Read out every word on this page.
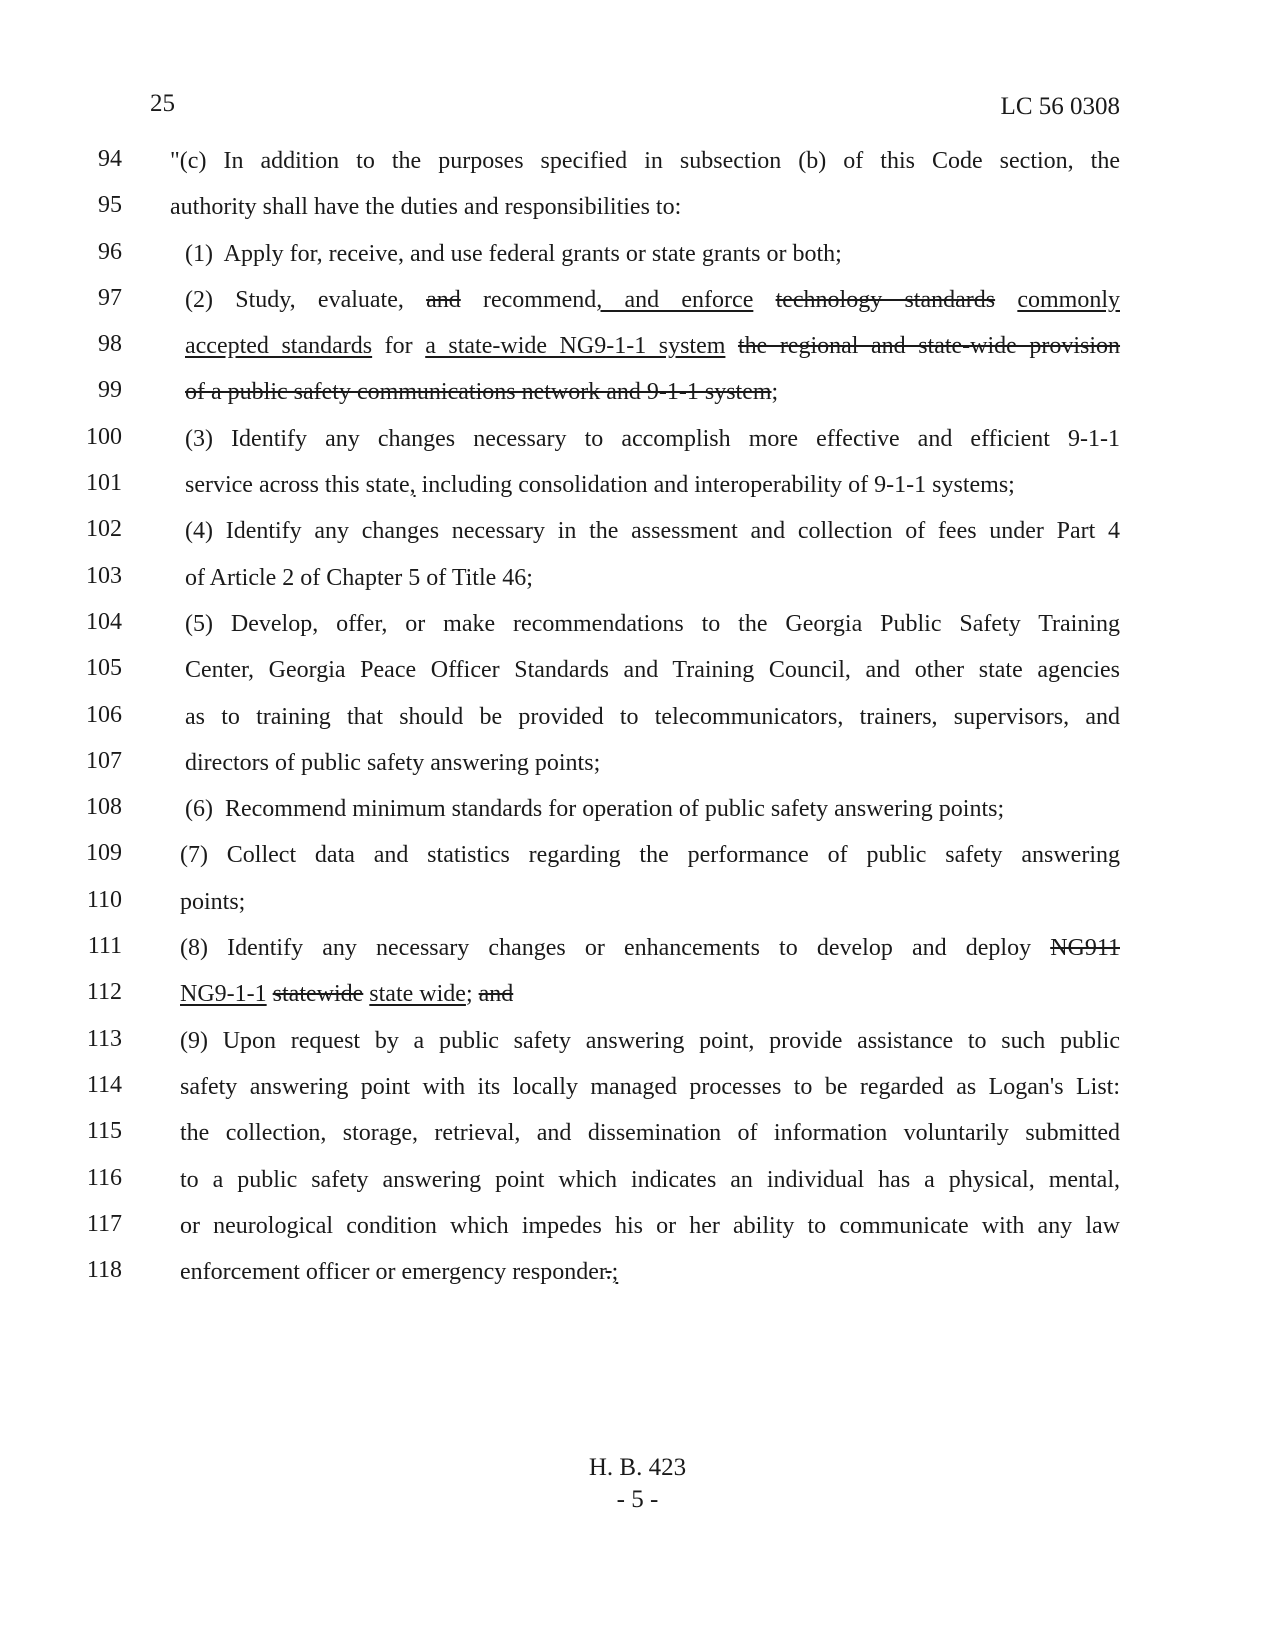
25	LC 56 0308
94 "(c) In addition to the purposes specified in subsection (b) of this Code section, the
95 authority shall have the duties and responsibilities to:
96	(1)  Apply for, receive, and use federal grants or state grants or both;
97	(2) Study, evaluate, and recommend, and enforce technology standards commonly
98	accepted standards for a state-wide NG9-1-1 system the regional and state-wide provision
99	of a public safety communications network and 9-1-1 system;
100	(3) Identify any changes necessary to accomplish more effective and efficient 9-1-1
101	service across this state, including consolidation and interoperability of 9-1-1 systems;
102	(4) Identify any changes necessary in the assessment and collection of fees under Part 4
103	of Article 2 of Chapter 5 of Title 46;
104	(5) Develop, offer, or make recommendations to the Georgia Public Safety Training
105	Center, Georgia Peace Officer Standards and Training Council, and other state agencies
106	as to training that should be provided to telecommunicators, trainers, supervisors, and
107	directors of public safety answering points;
108	(6)  Recommend minimum standards for operation of public safety answering points;
109 (7) Collect data and statistics regarding the performance of public safety answering
110 points;
111 (8) Identify any necessary changes or enhancements to develop and deploy NG911
112 NG9-1-1 statewide state wide; and
113 (9) Upon request by a public safety answering point, provide assistance to such public
114 safety answering point with its locally managed processes to be regarded as Logan's List:
115 the collection, storage, retrieval, and dissemination of information voluntarily submitted
116 to a public safety answering point which indicates an individual has a physical, mental,
117 or neurological condition which impedes his or her ability to communicate with any law
118 enforcement officer or emergency responder.;
H. B. 423
- 5 -
